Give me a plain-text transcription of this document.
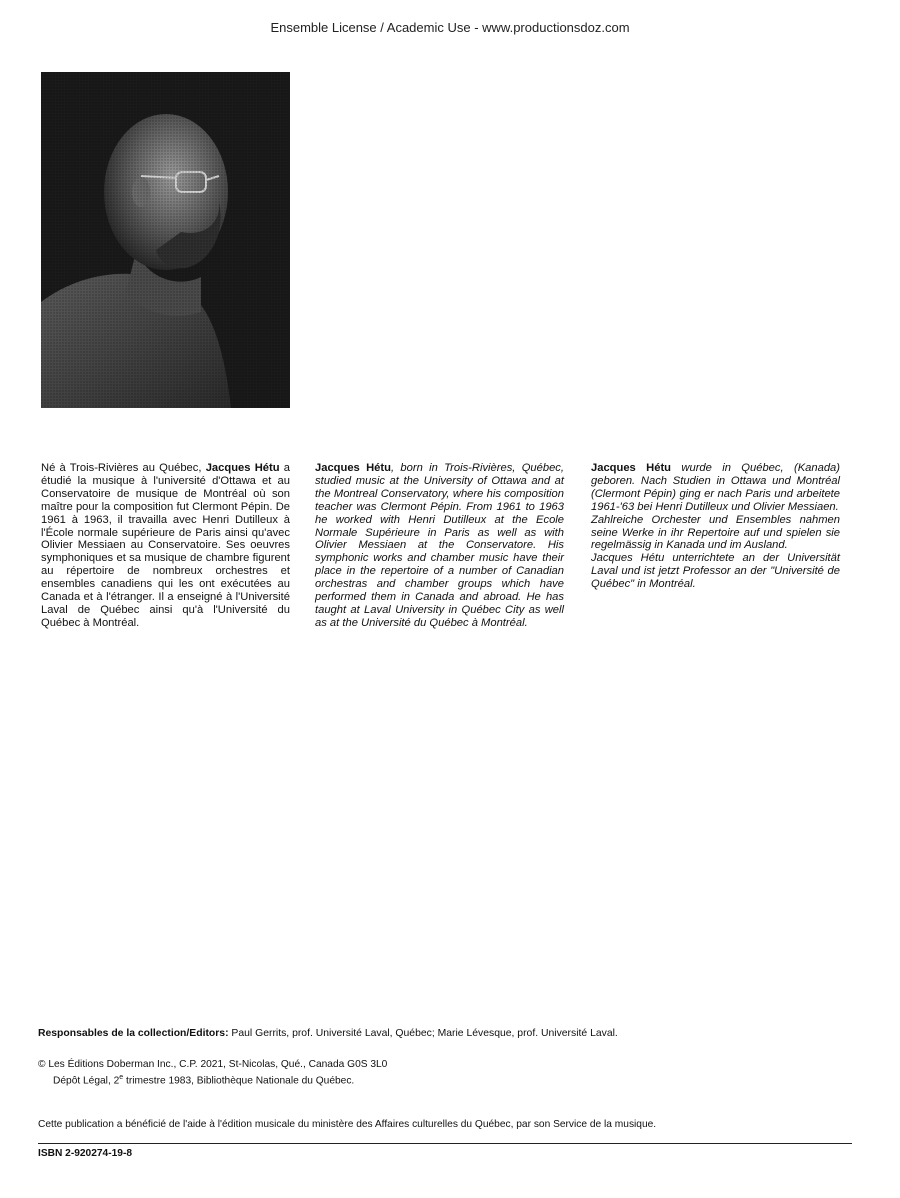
Ensemble License / Academic Use - www.productionsdoz.com

Né à Trois-Rivières au Québec, Jacques Hétu a étudié la musique à l'université d'Ottawa et au Conservatoire de musique de Montréal où son maître pour la composition fut Clermont Pépin. De 1961 à 1963, il travailla avec Henri Dutilleux à l'École normale supérieure de Paris ainsi qu'avec Olivier Messiaen au Conservatoire. Ses oeuvres symphoniques et sa musique de chambre figurent au répertoire de nombreux orchestres et ensembles canadiens qui les ont exécutées au Canada et à l'étranger. Il a enseigné à l'Université Laval de Québec ainsi qu'à l'Université du Québec à Montréal.

Jacques Hétu, born in Trois-Rivières, Québec, studied music at the University of Ottawa and at the Montreal Conservatory, where his composition teacher was Clermont Pépin. From 1961 to 1963 he worked with Henri Dutilleux at the Ecole Normale Supérieure in Paris as well as with Olivier Messiaen at the Conservatore. His symphonic works and chamber music have their place in the repertoire of a number of Canadian orchestras and chamber groups which have performed them in Canada and abroad. He has taught at Laval University in Québec City as well as at the Université du Québec à Montréal.

Jacques Hétu wurde in Québec, (Kanada) geboren. Nach Studien in Ottawa und Montréal (Clermont Pépin) ging er nach Paris und arbeitete 1961-'63 bei Henri Dutilleux und Olivier Messiaen.

Zahlreiche Orchester und Ensembles nahmen seine Werke in ihr Repertoire auf und spielen sie regelmässig in Kanada und im Ausland.

Jacques Hétu unterrichtete an der Universität Laval und ist jetzt Professor an der "Université de Québec" in Montréal.

Responsables de la collection/Editors: Paul Gerrits, prof. Université Laval, Québec; Marie Lévesque, prof. Université Laval.
© Les Éditions Doberman Inc., C.P. 2021, St-Nicolas, Qué., Canada G0S 3L0
Dépôt Légal, 2e trimestre 1983, Bibliothèque Nationale du Québec.
Cette publication a bénéficié de l'aide à l'édition musicale du ministère des Affaires culturelles du Québec, par son Service de la musique.
ISBN 2-920274-19-8
